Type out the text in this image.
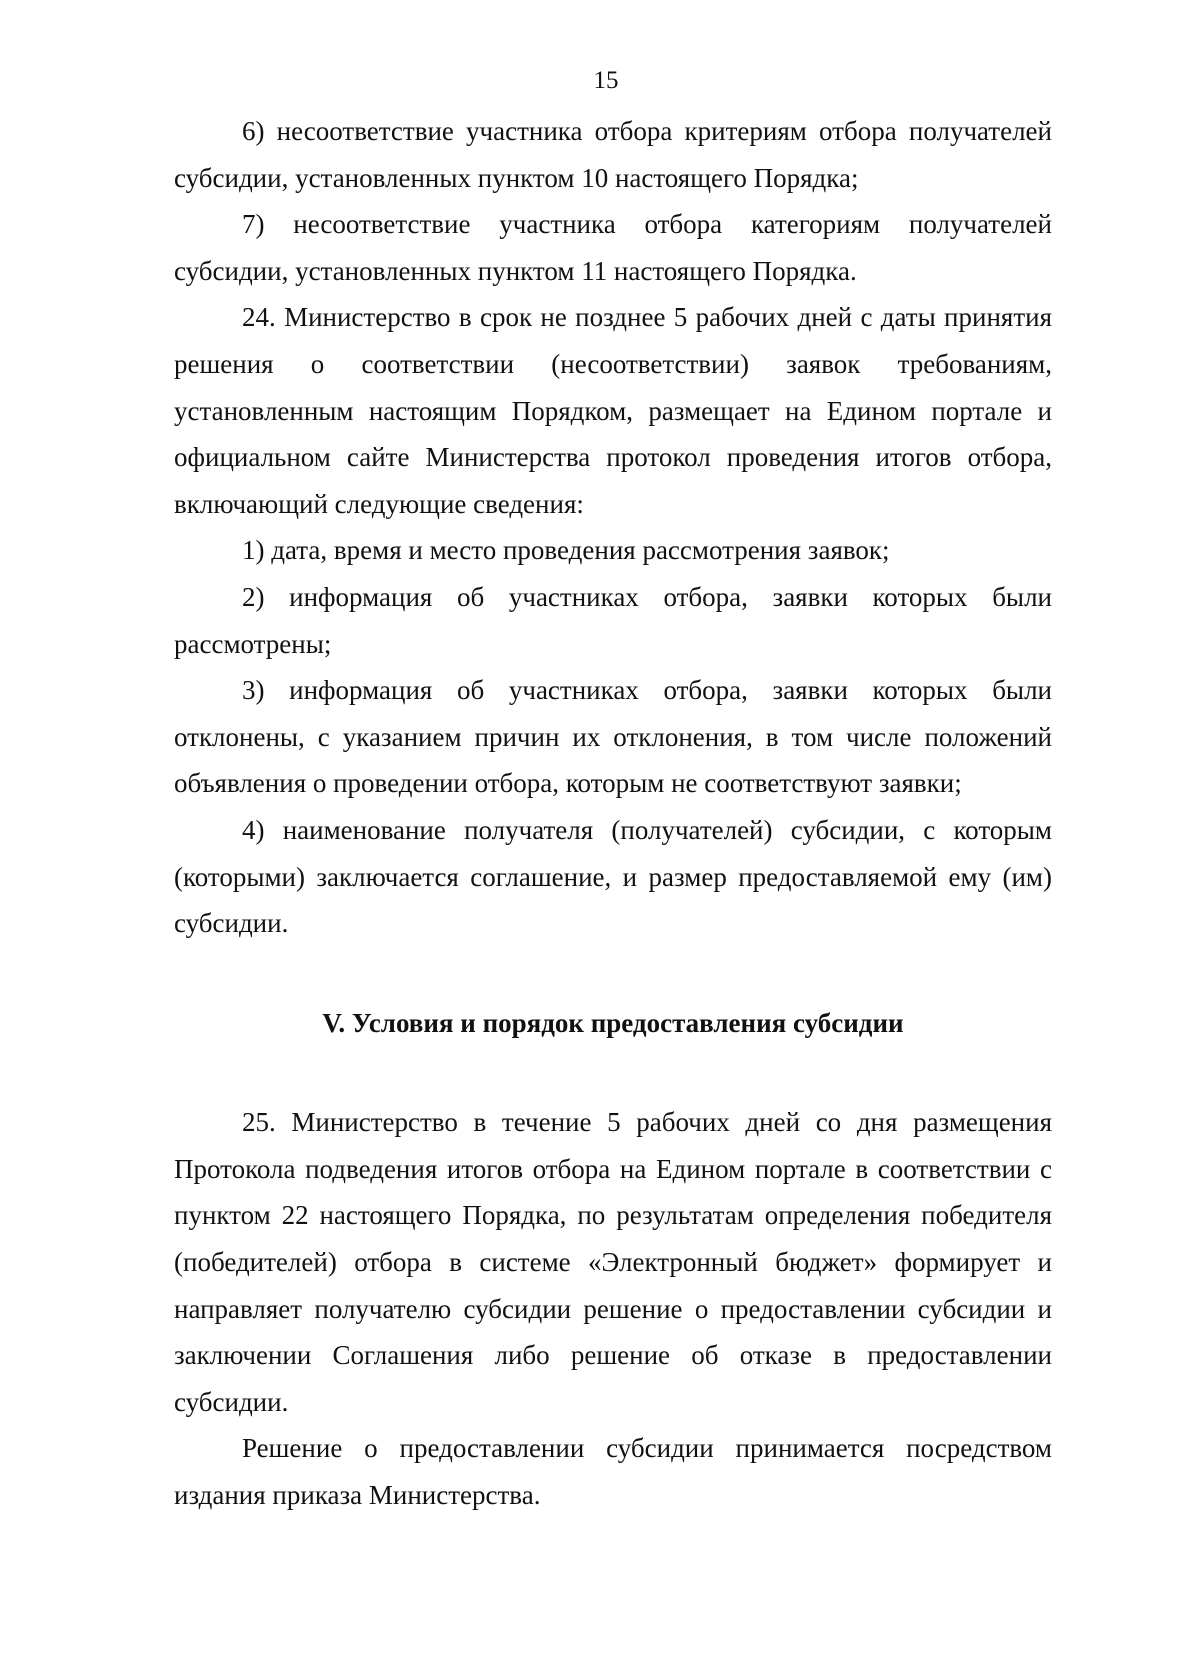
15

6) несоответствие участника отбора критериям отбора получателей субсидии, установленных пунктом 10 настоящего Порядка;

7) несоответствие участника отбора категориям получателей субсидии, установленных пунктом 11 настоящего Порядка.

24. Министерство в срок не позднее 5 рабочих дней с даты принятия решения о соответствии (несоответствии) заявок требованиям, установленным настоящим Порядком, размещает на Едином портале и официальном сайте Министерства протокол проведения итогов отбора, включающий следующие сведения:

1) дата, время и место проведения рассмотрения заявок;

2) информация об участниках отбора, заявки которых были рассмотрены;

3) информация об участниках отбора, заявки которых были отклонены, с указанием причин их отклонения, в том числе положений объявления о проведении отбора, которым не соответствуют заявки;

4) наименование получателя (получателей) субсидии, с которым (которыми) заключается соглашение, и размер предоставляемой ему (им) субсидии.

V. Условия и порядок предоставления субсидии

25. Министерство в течение 5 рабочих дней со дня размещения Протокола подведения итогов отбора на Едином портале в соответствии с пунктом 22 настоящего Порядка, по результатам определения победителя (победителей) отбора в системе «Электронный бюджет» формирует и направляет получателю субсидии решение о предоставлении субсидии и заключении Соглашения либо решение об отказе в предоставлении субсидии.

Решение о предоставлении субсидии принимается посредством издания приказа Министерства.
